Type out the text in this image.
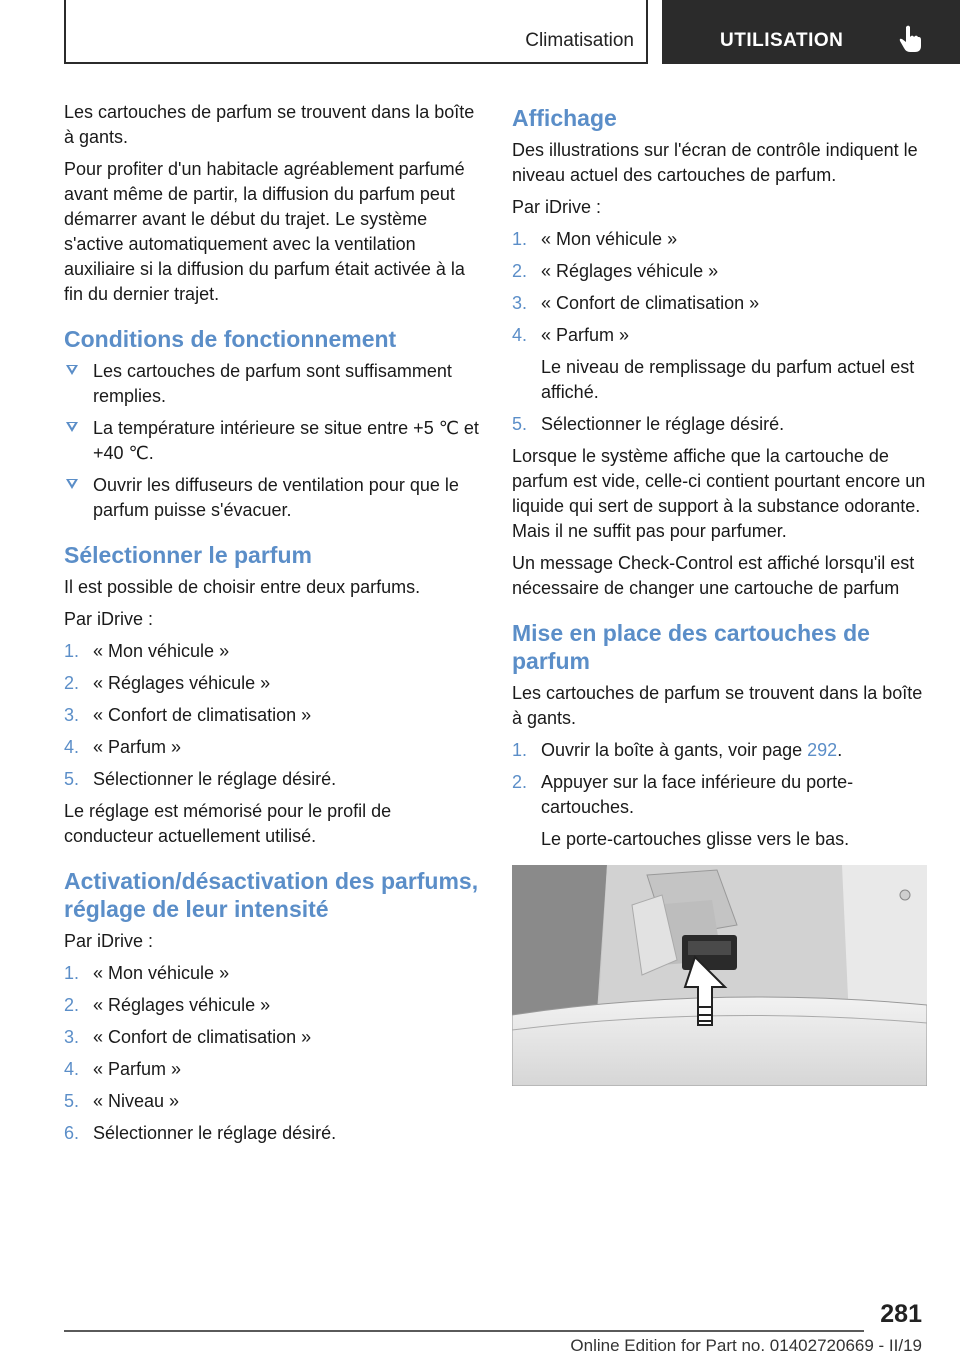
Climatisation	UTILISATION

Les cartouches de parfum se trouvent dans la boîte à gants.

Pour profiter d'un habitacle agréablement parfumé avant même de partir, la diffusion du parfum peut démarrer avant le début du trajet. Le système s'active automatiquement avec la ventilation auxiliaire si la diffusion du parfum était activée à la fin du dernier trajet.

Conditions de fonctionnement
Les cartouches de parfum sont suffisamment remplies.
La température intérieure se situe entre +5 ℃ et +40 ℃.
Ouvrir les diffuseurs de ventilation pour que le parfum puisse s'évacuer.
Sélectionner le parfum

Il est possible de choisir entre deux parfums.

Par iDrive :

1. « Mon véhicule »
2. « Réglages véhicule »
3. « Confort de climatisation »
4. « Parfum »
5. Sélectionner le réglage désiré.

Le réglage est mémorisé pour le profil de conducteur actuellement utilisé.

Activation/désactivation des parfums, réglage de leur intensité

Par iDrive :

1. « Mon véhicule »
2. « Réglages véhicule »
3. « Confort de climatisation »
4. « Parfum »
5. « Niveau »
6. Sélectionner le réglage désiré.
Affichage

Des illustrations sur l'écran de contrôle indiquent le niveau actuel des cartouches de parfum.

Par iDrive :

1. « Mon véhicule »
2. « Réglages véhicule »
3. « Confort de climatisation »
4. « Parfum »
Le niveau de remplissage du parfum actuel est affiché.
5. Sélectionner le réglage désiré.

Lorsque le système affiche que la cartouche de parfum est vide, celle-ci contient pourtant encore un liquide qui sert de support à la substance odorante. Mais il ne suffit pas pour parfumer.

Un message Check-Control est affiché lorsqu'il est nécessaire de changer une cartouche de parfum

Mise en place des cartouches de parfum

Les cartouches de parfum se trouvent dans la boîte à gants.

1. Ouvrir la boîte à gants, voir page 292.
2. Appuyer sur la face inférieure du porte-cartouches.
Le porte-cartouches glisse vers le bas.
281
Online Edition for Part no. 01402720669 - II/19
